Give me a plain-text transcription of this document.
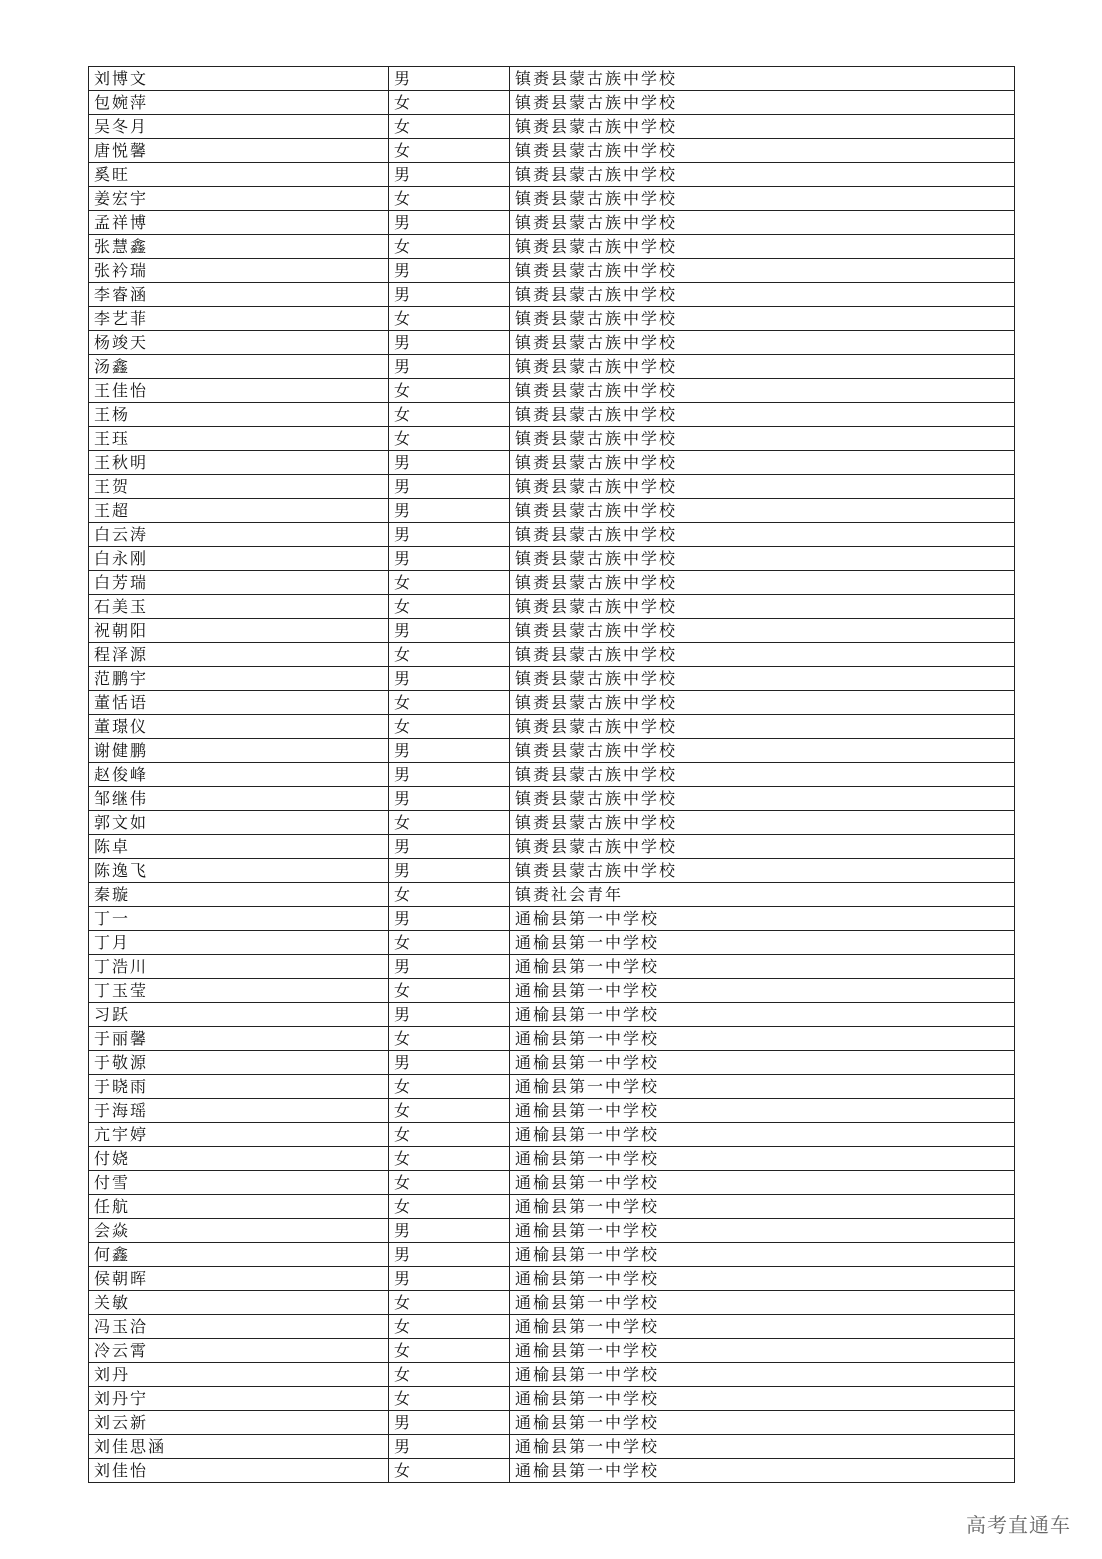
刘博文	男	镇赉县蒙古族中学校
包婉萍	女	镇赉县蒙古族中学校
吴冬月	女	镇赉县蒙古族中学校
唐悦馨	女	镇赉县蒙古族中学校
奚旺	男	镇赉县蒙古族中学校
姜宏宇	女	镇赉县蒙古族中学校
孟祥博	男	镇赉县蒙古族中学校
张慧鑫	女	镇赉县蒙古族中学校
张衿瑞	男	镇赉县蒙古族中学校
李睿涵	男	镇赉县蒙古族中学校
李艺菲	女	镇赉县蒙古族中学校
杨竣天	男	镇赉县蒙古族中学校
汤鑫	男	镇赉县蒙古族中学校
王佳怡	女	镇赉县蒙古族中学校
王杨	女	镇赉县蒙古族中学校
王珏	女	镇赉县蒙古族中学校
王秋明	男	镇赉县蒙古族中学校
王贺	男	镇赉县蒙古族中学校
王超	男	镇赉县蒙古族中学校
白云涛	男	镇赉县蒙古族中学校
白永刚	男	镇赉县蒙古族中学校
白芳瑞	女	镇赉县蒙古族中学校
石美玉	女	镇赉县蒙古族中学校
祝朝阳	男	镇赉县蒙古族中学校
程泽源	女	镇赉县蒙古族中学校
范鹏宇	男	镇赉县蒙古族中学校
董恬语	女	镇赉县蒙古族中学校
董璟仪	女	镇赉县蒙古族中学校
谢健鹏	男	镇赉县蒙古族中学校
赵俊峰	男	镇赉县蒙古族中学校
邹继伟	男	镇赉县蒙古族中学校
郭文如	女	镇赉县蒙古族中学校
陈卓	男	镇赉县蒙古族中学校
陈逸飞	男	镇赉县蒙古族中学校
秦璇	女	镇赉社会青年
丁一	男	通榆县第一中学校
丁月	女	通榆县第一中学校
丁浩川	男	通榆县第一中学校
丁玉莹	女	通榆县第一中学校
习跃	男	通榆县第一中学校
于丽馨	女	通榆县第一中学校
于敬源	男	通榆县第一中学校
于晓雨	女	通榆县第一中学校
于海瑶	女	通榆县第一中学校
亢宇婷	女	通榆县第一中学校
付娆	女	通榆县第一中学校
付雪	女	通榆县第一中学校
任航	女	通榆县第一中学校
会焱	男	通榆县第一中学校
何鑫	男	通榆县第一中学校
侯朝晖	男	通榆县第一中学校
关敏	女	通榆县第一中学校
冯玉洽	女	通榆县第一中学校
冷云霄	女	通榆县第一中学校
刘丹	女	通榆县第一中学校
刘丹宁	女	通榆县第一中学校
刘云新	男	通榆县第一中学校
刘佳思涵	男	通榆县第一中学校
刘佳怡	女	通榆县第一中学校
高考直通车
